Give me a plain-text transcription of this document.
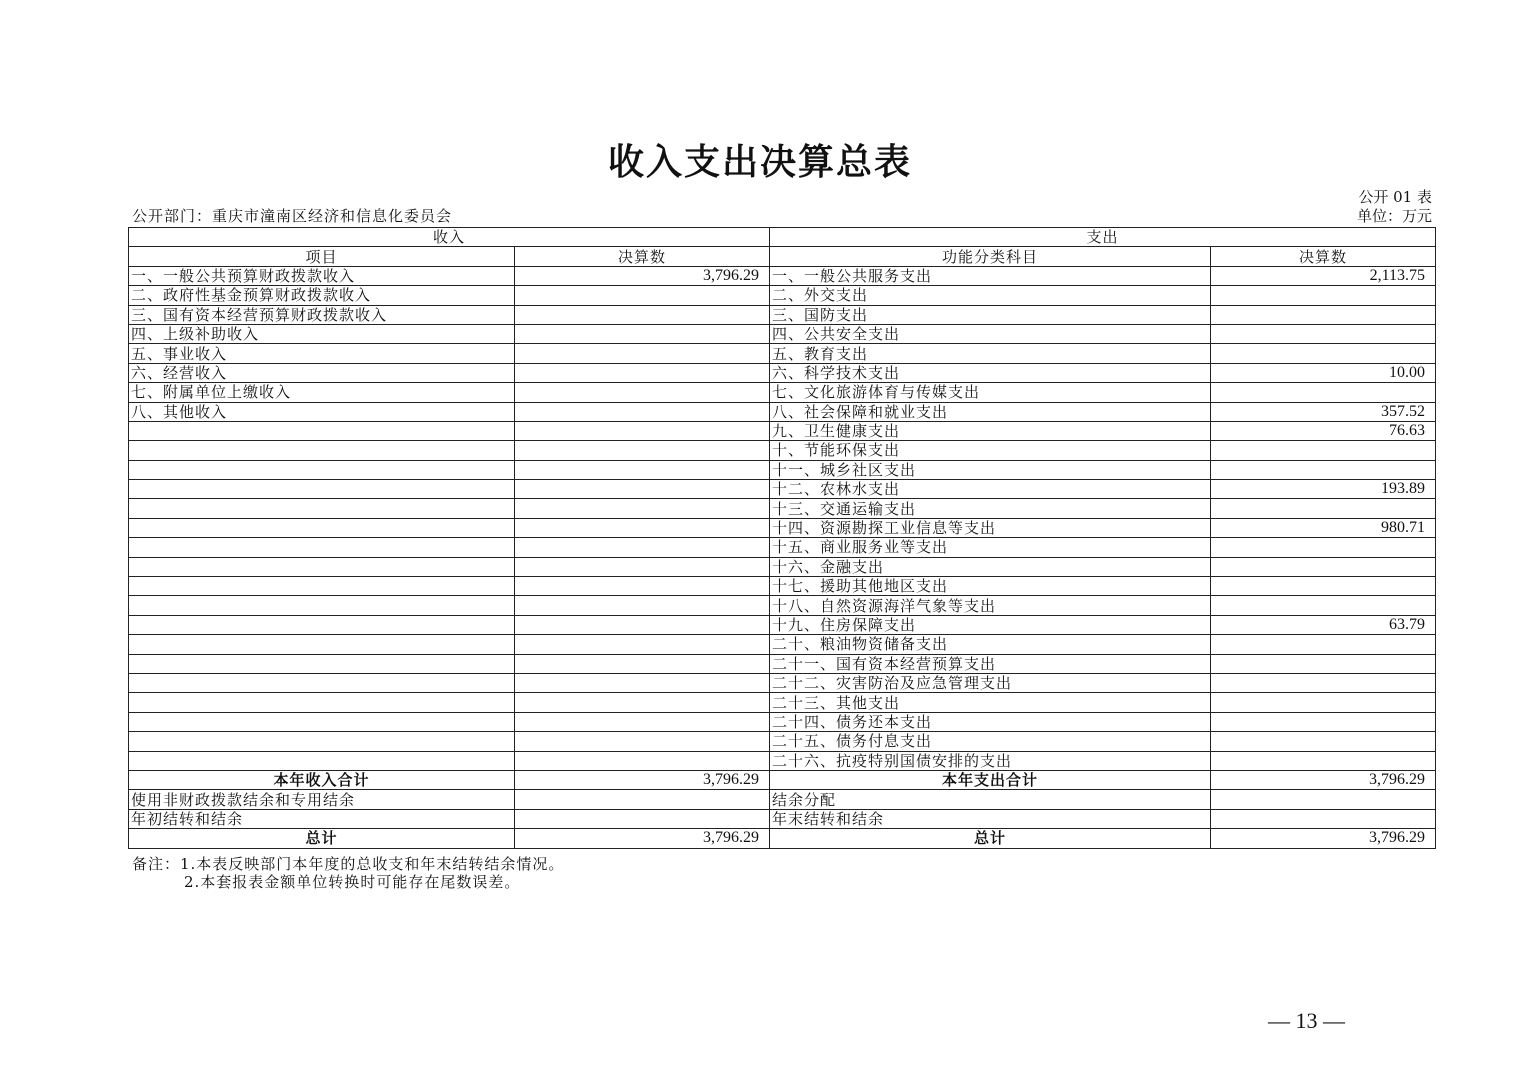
收入支出决算总表
公开 01 表
公开部门：重庆市潼南区经济和信息化委员会	单位：万元
收入		支出	
项目	决算数	功能分类科目	决算数
一、一般公共预算财政拨款收入	3,796.29	一、一般公共服务支出	2,113.75
二、政府性基金预算财政拨款收入		二、外交支出	
三、国有资本经营预算财政拨款收入		三、国防支出	
四、上级补助收入		四、公共安全支出	
五、事业收入		五、教育支出	
六、经营收入		六、科学技术支出	10.00
七、附属单位上缴收入		七、文化旅游体育与传媒支出	
八、其他收入		八、社会保障和就业支出	357.52
		九、卫生健康支出	76.63
		十、节能环保支出	
		十一、城乡社区支出	
		十二、农林水支出	193.89
		十三、交通运输支出	
		十四、资源勘探工业信息等支出	980.71
		十五、商业服务业等支出	
		十六、金融支出	
		十七、援助其他地区支出	
		十八、自然资源海洋气象等支出	
		十九、住房保障支出	63.79
		二十、粮油物资储备支出	
		二十一、国有资本经营预算支出	
		二十二、灾害防治及应急管理支出	
		二十三、其他支出	
		二十四、债务还本支出	
		二十五、债务付息支出	
		二十六、抗疫特别国债安排的支出	
本年收入合计	3,796.29	本年支出合计	3,796.29
使用非财政拨款结余和专用结余		结余分配	
年初结转和结余		年末结转和结余	
总计	3,796.29	总计	3,796.29
备注：1.本表反映部门本年度的总收支和年末结转结余情况。
2.本套报表金额单位转换时可能存在尾数误差。
— 13 —
